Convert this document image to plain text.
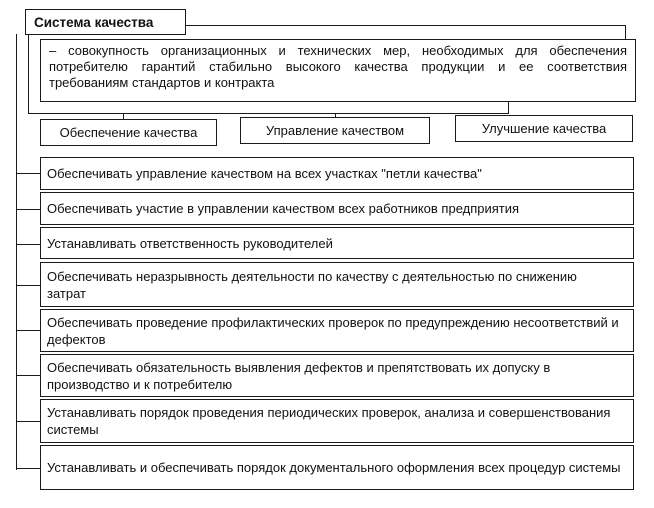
Система качества
– совокупность организационных и технических мер, необходимых для обеспечения потребителю гарантий стабильно высокого качества продукции и ее соответствия требованиям стандартов и контракта
Обеспечение качества	Управление качеством	Улучшение качества
Обеспечивать управление качеством на всех участках "петли качества"
Обеспечивать участие в управлении качеством всех работников предприятия
Устанавливать ответственность руководителей
Обеспечивать неразрывность деятельности по качеству с деятельностью по снижению затрат
Обеспечивать проведение профилактических проверок по предупреждению несоответствий и дефектов
Обеспечивать обязательность выявления дефектов и препятствовать их допуску в производство и к потребителю
Устанавливать порядок проведения периодических проверок, анализа и совершенствования системы
Устанавливать и обеспечивать порядок документального оформления всех процедур системы
